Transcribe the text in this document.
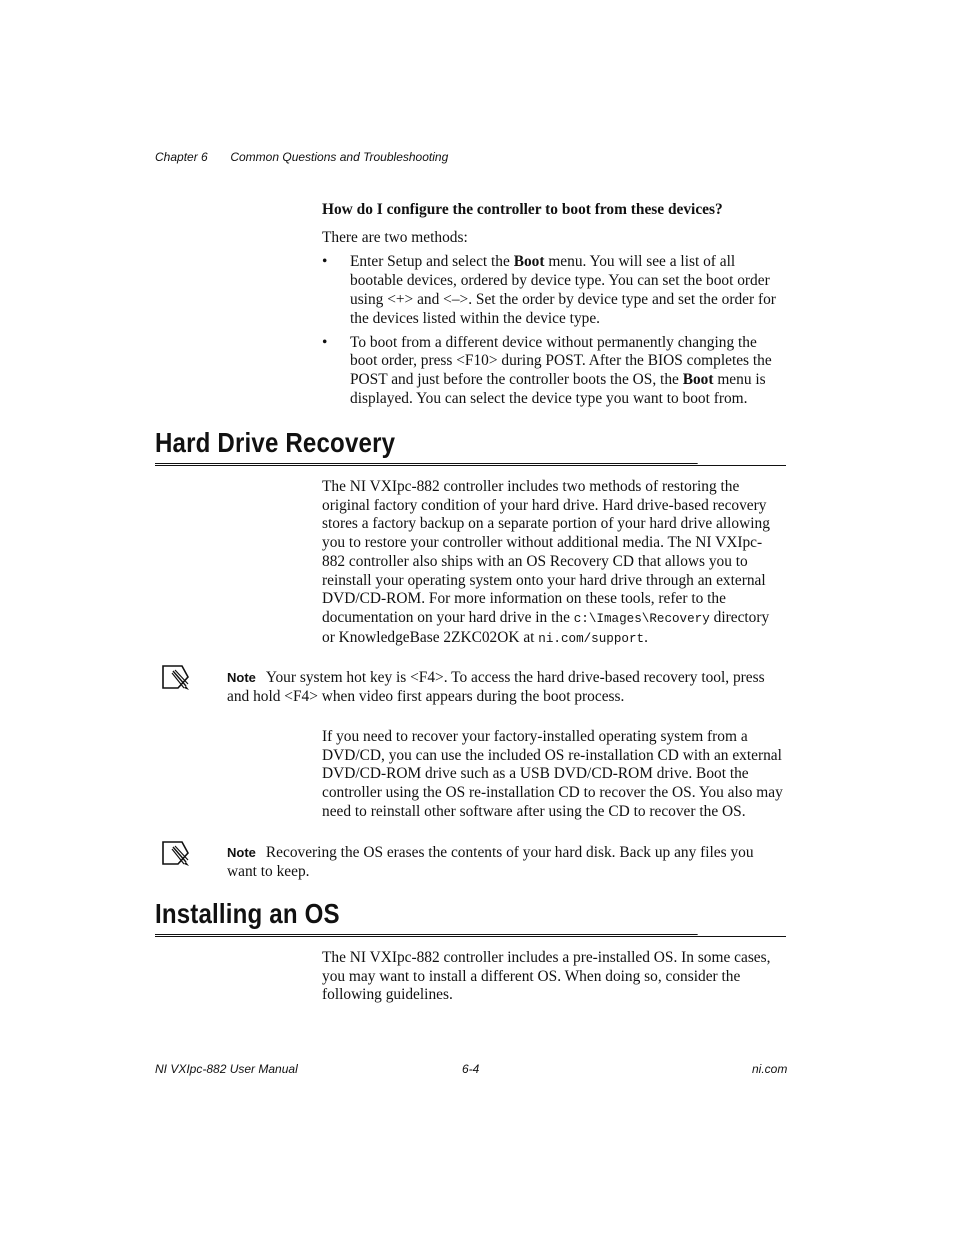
Chapter 6 Common Questions and Troubleshooting

How do I configure the controller to boot from these devices?

There are two methods:

• Enter Setup and select the Boot menu. You will see a list of all bootable devices, ordered by device type. You can set the boot order using <+> and <–>. Set the order by device type and set the order for the devices listed within the device type.
• To boot from a different device without permanently changing the boot order, press <F10> during POST. After the BIOS completes the POST and just before the controller boots the OS, the Boot menu is displayed. You can select the device type you want to boot from.
Hard Drive Recovery

The NI VXIpc-882 controller includes two methods of restoring the original factory condition of your hard drive. Hard drive-based recovery stores a factory backup on a separate portion of your hard drive allowing you to restore your controller without additional media. The NI VXIpc-882 controller also ships with an OS Recovery CD that allows you to reinstall your operating system onto your hard drive through an external DVD/CD-ROM. For more information on these tools, refer to the documentation on your hard drive in the c:\Images\Recovery directory or KnowledgeBase 2ZKC02OK at ni.com/support.

Note Your system hot key is <F4>. To access the hard drive-based recovery tool, press and hold <F4> when video first appears during the boot process.

If you need to recover your factory-installed operating system from a DVD/CD, you can use the included OS re-installation CD with an external DVD/CD-ROM drive such as a USB DVD/CD-ROM drive. Boot the controller using the OS re-installation CD to recover the OS. You also may need to reinstall other software after using the CD to recover the OS.

Note Recovering the OS erases the contents of your hard disk. Back up any files you want to keep.
Installing an OS

The NI VXIpc-882 controller includes a pre-installed OS. In some cases, you may want to install a different OS. When doing so, consider the following guidelines.

NI VXIpc-882 User Manual	6-4	ni.com
